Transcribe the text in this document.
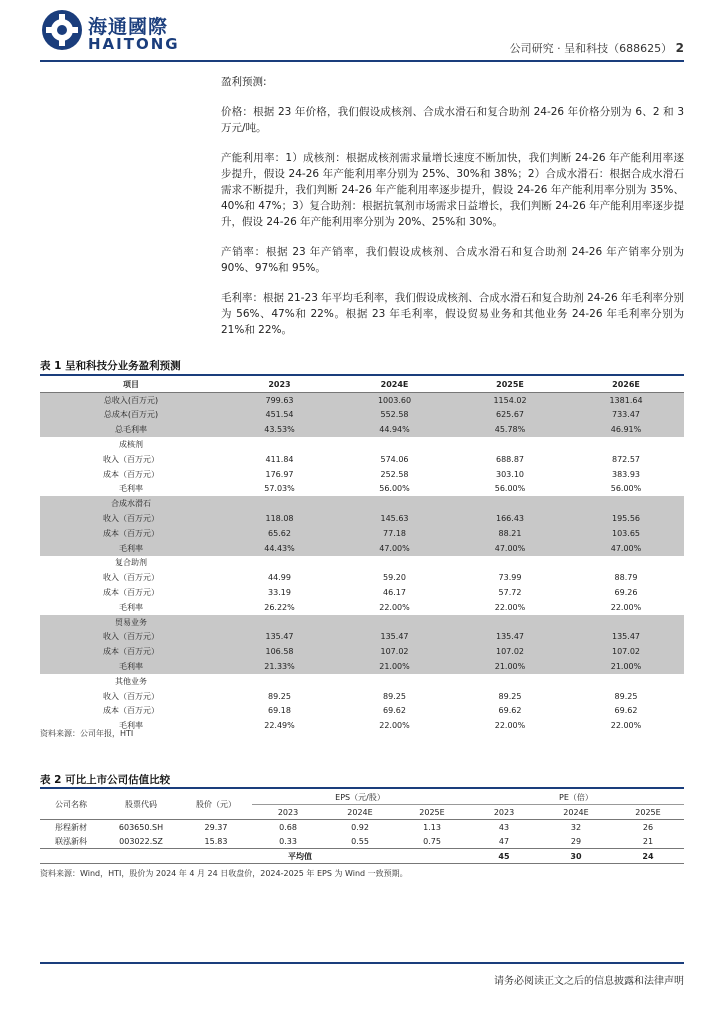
海通國際
HAITONG	公司研究 · 呈和科技（688625） 2

盈利预测:

价格：根据 23 年价格，我们假设成核剂、合成水滑石和复合助剂 24-26 年价格分别为 6、2 和 3 万元/吨。

产能利用率：1）成核剂：根据成核剂需求量增长速度不断加快，我们判断 24-26 年产能利用率逐步提升，假设 24-26 年产能利用率分别为 25%、30%和 38%；2）合成水滑石：根据合成水滑石需求不断提升，我们判断 24-26 年产能利用率逐步提升，假设 24-26 年产能利用率分别为 35%、40%和 47%；3）复合助剂：根据抗氧剂市场需求日益增长，我们判断 24-26 年产能利用率逐步提升，假设 24-26 年产能利用率分别为 20%、25%和 30%。

产销率：根据 23 年产销率，我们假设成核剂、合成水滑石和复合助剂 24-26 年产销率分别为 90%、97%和 95%。

毛利率：根据 21-23 年平均毛利率，我们假设成核剂、合成水滑石和复合助剂 24-26 年毛利率分别为 56%、47%和 22%。根据 23 年毛利率，假设贸易业务和其他业务 24-26 年毛利率分别为 21%和 22%。

表 1 呈和科技分业务盈利预测
项目	2023	2024E	2025E	2026E
总收入(百万元)	799.63	1003.60	1154.02	1381.64
总成本(百万元)	451.54	552.58	625.67	733.47
总毛利率	43.53%	44.94%	45.78%	46.91%
成核剂				
收入（百万元）	411.84	574.06	688.87	872.57
成本（百万元）	176.97	252.58	303.10	383.93
毛利率	57.03%	56.00%	56.00%	56.00%
合成水滑石				
收入（百万元）	118.08	145.63	166.43	195.56
成本（百万元）	65.62	77.18	88.21	103.65
毛利率	44.43%	47.00%	47.00%	47.00%
复合助剂				
收入（百万元）	44.99	59.20	73.99	88.79
成本（百万元）	33.19	46.17	57.72	69.26
毛利率	26.22%	22.00%	22.00%	22.00%
贸易业务				
收入（百万元）	135.47	135.47	135.47	135.47
成本（百万元）	106.58	107.02	107.02	107.02
毛利率	21.33%	21.00%	21.00%	21.00%
其他业务				
收入（百万元）	89.25	89.25	89.25	89.25
成本（百万元）	69.18	69.62	69.62	69.62
毛利率	22.49%	22.00%	22.00%	22.00%
资料来源：公司年报，HTI
表 2 可比上市公司估值比较
公司名称	股票代码	股价（元）	EPS（元/股）			PE（倍）		
			2023	2024E	2025E	2023	2024E	2025E
彤程新材	603650.SH	29.37	0.68	0.92	1.13	43	32	26
联泓新科	003022.SZ	15.83	0.33	0.55	0.75	47	29	21
平均值						45	30	24
资料来源：Wind，HTI，股价为 2024 年 4 月 24 日收盘价，2024-2025 年 EPS 为 Wind 一致预期。
请务必阅读正文之后的信息披露和法律声明
